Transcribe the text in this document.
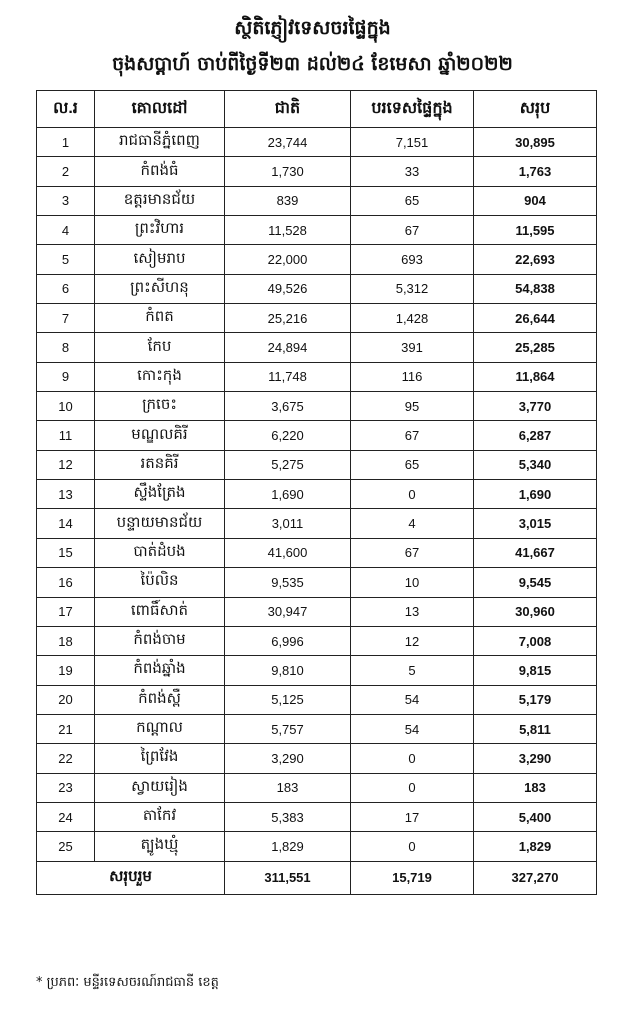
ស្ថិតិភ្ញៀវទេសចរផ្ទៃក្នុង
ចុងសប្តាហ៍ ចាប់ពីថ្ងៃទី២៣ ដល់២៤ ខែមេសា ឆ្នាំ២០២២
ល.រ	គោលដៅ	ជាតិ	បរទេសផ្ទៃក្នុង	សរុប
1	រាជធានីភ្នំពេញ	23,744	7,151	30,895
2	កំពង់ធំ	1,730	33	1,763
3	ឧត្តរមានជ័យ	839	65	904
4	ព្រះវិហារ	11,528	67	11,595
5	សៀមរាប	22,000	693	22,693
6	ព្រះសីហនុ	49,526	5,312	54,838
7	កំពត	25,216	1,428	26,644
8	កែប	24,894	391	25,285
9	កោះកុង	11,748	116	11,864
10	ក្រចេះ	3,675	95	3,770
11	មណ្ឌលគិរី	6,220	67	6,287
12	រតនគិរី	5,275	65	5,340
13	ស្ទឹងត្រែង	1,690	0	1,690
14	បន្ទាយមានជ័យ	3,011	4	3,015
15	បាត់ដំបង	41,600	67	41,667
16	ប៉ៃលិន	9,535	10	9,545
17	ពោធិ៍សាត់	30,947	13	30,960
18	កំពង់ចាម	6,996	12	7,008
19	កំពង់ឆ្នាំង	9,810	5	9,815
20	កំពង់ស្ពឺ	5,125	54	5,179
21	កណ្តាល	5,757	54	5,811
22	ព្រៃវែង	3,290	0	3,290
23	ស្វាយរៀង	183	0	183
24	តាកែវ	5,383	17	5,400
25	ត្បូងឃ្មុំ	1,829	0	1,829
សរុបរួម		311,551	15,719	327,270
* ប្រភពៈ មន្ទីរទេសចរណ៍រាជធានី ខេត្ត
